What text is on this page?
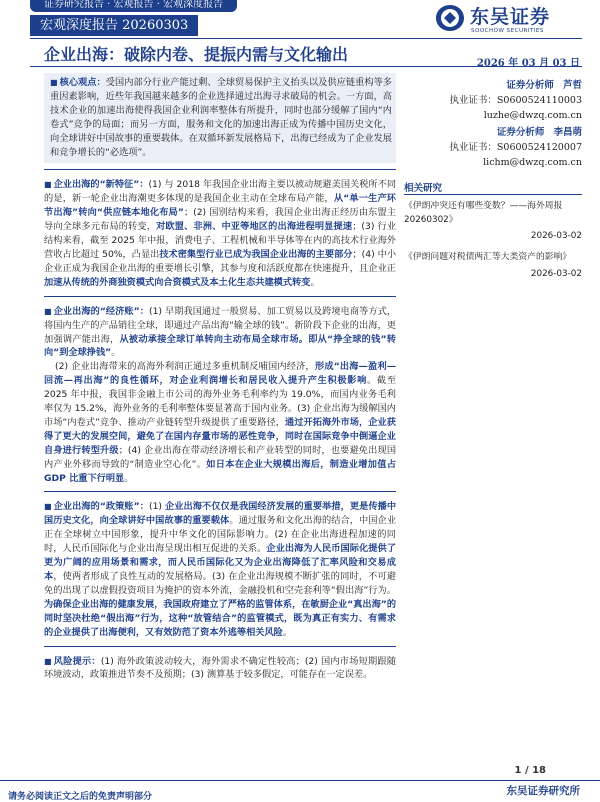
证券研究报告 · 宏观报告 · 宏观深度报告
宏观深度报告 20260303	东吴证券
SOOCHOW SECURITIES
企业出海：破除内卷、提振内需与文化输出	2026 年 03 月 03 日
■ 核心观点：受国内部分行业产能过剩、全球贸易保护主义抬头以及供应链重构等多重因素影响，近些年我国越来越多的企业选择通过出海寻求破局的机会。一方面，高技术企业的加速出海使得我国企业利润率整体有所提升，同时也部分缓解了国内“内卷式”竞争的局面；而另一方面，服务和文化的加速出海正成为传播中国历史文化，向全球讲好中国故事的重要载体。在双循环新发展格局下，出海已经成为了企业发展和竞争增长的“必选项”。
■ 企业出海的“新特征”：(1) 与 2018 年我国企业出海主要以被动规避美国关税所不同的是，新一轮企业出海潮更多体现的是我国企业主动在全球布局产能，从“单一生产环节出海”转向“供应链本地化布局”；(2) 国别结构来看，我国企业出海正经历由东盟主导向全球多元布局的转变，对欧盟、非洲、中亚等地区的出海进程明显提速；(3) 行业结构来看，截至 2025 年中报，消费电子、工程机械和半导体等在内的高技术行业海外营收占比超过 50%，凸显出技术密集型行业已成为我国企业出海的主要部分；(4) 中小企业正成为我国企业出海的重要增长引擎，其参与度和活跃度都在快速提升，且企业正加速从传统的外商独资模式向合资模式及本土化生态共建模式转变。
■ 企业出海的“经济账”：(1) 早期我国通过一般贸易、加工贸易以及跨境电商等方式，将国内生产的产品销往全球，即通过产品出海“输全球的钱”。新阶段下企业的出海，更加强调产能出海，从被动承接全球订单转向主动布局全球市场。即从“挣全球的钱”转向“到全球挣钱”。
(2) 企业出海带来的高海外利润正通过多重机制反哺国内经济，形成“出海—盈利—回流—再出海”的良性循环，对企业利润增长和居民收入提升产生积极影响。截至 2025 年中报，我国非金融上市公司的海外业务毛利率约为 19.0%，而国内业务毛利率仅为 15.2%，海外业务的毛利率整体要显著高于国内业务。(3) 企业出海为缓解国内市场“内卷式”竞争、推动产业链转型升级提供了重要路径，通过开拓海外市场，企业获得了更大的发展空间，避免了在国内存量市场的恶性竞争，同时在国际竞争中倒逼企业自身进行转型升级；(4) 企业出海在带动经济增长和产业转型的同时，也要避免出现国内产业外移而导致的“制造业空心化”。如日本在企业大规模出海后，制造业增加值占 GDP 比重下行明显。
■ 企业出海的“政策账”：(1) 企业出海不仅仅是我国经济发展的重要举措，更是传播中国历史文化，向全球讲好中国故事的重要载体。通过服务和文化出海的结合，中国企业正在全球树立中国形象，提升中华文化的国际影响力。(2) 在企业出海进程加速的同时，人民币国际化与企业出海呈现出相互促进的关系。企业出海为人民币国际化提供了更为广阔的应用场景和需求，而人民币国际化又为企业出海降低了汇率风险和交易成本，使两者形成了良性互动的发展格局。(3) 在企业出海规模不断扩张的同时，不可避免的出现了以虚假投资项目为掩护的资本外流，金融投机和空壳套利等“假出海”行为。为确保企业出海的健康发展，我国政府建立了严格的监管体系，在敏厨企业“真出海”的同时坚决杜绝“假出海”行为，这种“放管结合”的监管模式，既为真正有实力、有需求的企业提供了出海便利，又有效防范了资本外逃等相关风险。
■ 风险提示：(1) 海外政策波动较大，海外需求不确定性较高；(2) 国内市场短期跟随环境波动，政策推进节奏不及预期；(3) 测算基于较多假定，可能存在一定误差。
证券分析师 芦哲
执业证书：S0600524110003
luzhe@dwzq.com.cn
证券分析师 李昌萌
执业证书：S0600524120007
lichm@dwzq.com.cn
相关研究
《伊朗冲突还有哪些变数？——海外周报 20260302》
2026-03-02
《伊朗问题对税债两汇等大类资产的影响》
2026-03-02
1 / 18
请务必阅读正文之后的免责声明部分	东吴证券研究所
